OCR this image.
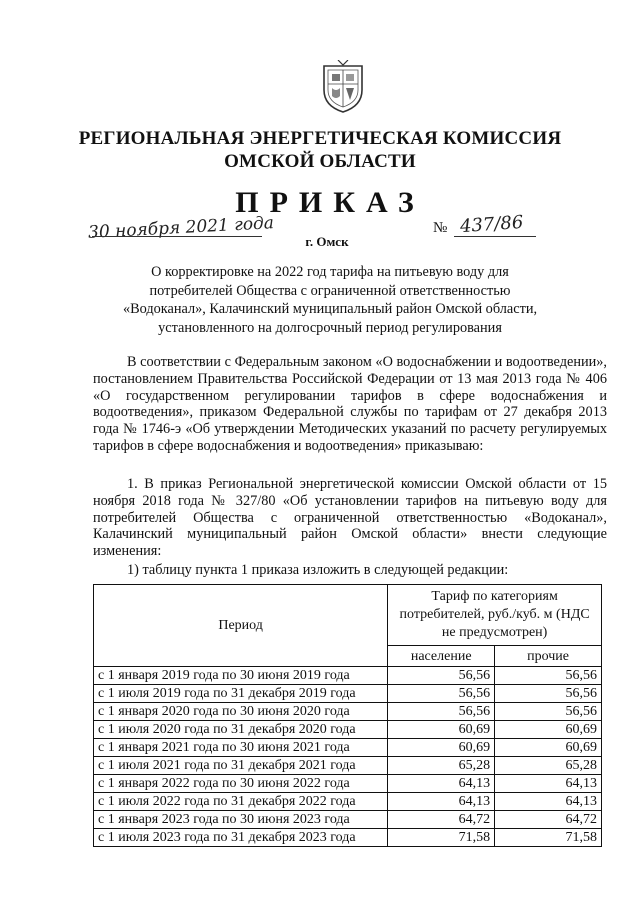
РЕГИОНАЛЬНАЯ ЭНЕРГЕТИЧЕСКАЯ КОМИССИЯ
ОМСКОЙ ОБЛАСТИ
ПРИКАЗ
30 ноября 2021 года	№ 437/86
г. Омск
О корректировке на 2022 год тарифа на питьевую воду для
потребителей Общества с ограниченной ответственностью
«Водоканал», Калачинский муниципальный район Омской области,
установленного на долгосрочный период регулирования
В соответствии с Федеральным законом «О водоснабжении и водоотведении», постановлением Правительства Российской Федерации от 13 мая 2013 года № 406 «О государственном регулировании тарифов в сфере водоснабжения и водоотведения», приказом Федеральной службы по тарифам от 27 декабря 2013 года № 1746-э «Об утверждении Методических указаний по расчету регулируемых тарифов в сфере водоснабжения и водоотведения» приказываю:
1. В приказ Региональной энергетической комиссии Омской области от 15 ноября 2018 года № 327/80 «Об установлении тарифов на питьевую воду для потребителей Общества с ограниченной ответственностью «Водоканал», Калачинский муниципальный район Омской области» внести следующие изменения:
1) таблицу пункта 1 приказа изложить в следующей редакции:
Период	Тариф по категориям потребителей, руб./куб. м (НДС не предусмотрен)	
	население	прочие
с 1 января 2019 года по 30 июня 2019 года	56,56	56,56
с 1 июля 2019 года по 31 декабря 2019 года	56,56	56,56
с 1 января 2020 года по 30 июня 2020 года	56,56	56,56
с 1 июля 2020 года по 31 декабря 2020 года	60,69	60,69
с 1 января 2021 года по 30 июня 2021 года	60,69	60,69
с 1 июля 2021 года по 31 декабря 2021 года	65,28	65,28
с 1 января 2022 года по 30 июня 2022 года	64,13	64,13
с 1 июля 2022 года по 31 декабря 2022 года	64,13	64,13
с 1 января 2023 года по 30 июня 2023 года	64,72	64,72
с 1 июля 2023 года по 31 декабря 2023 года	71,58	71,58
